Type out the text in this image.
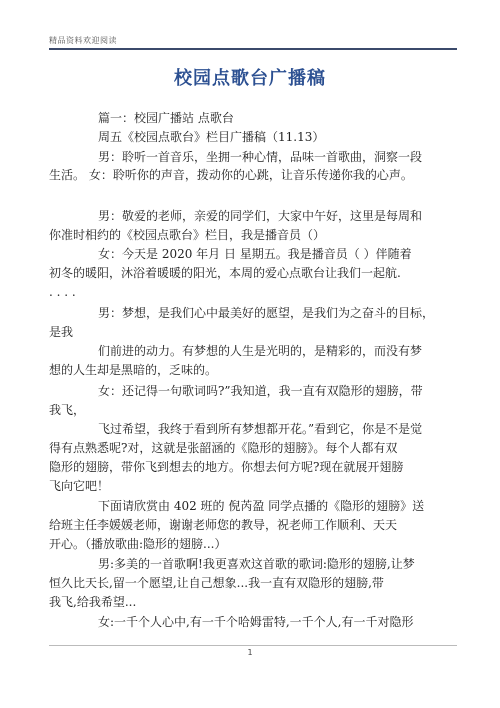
精品资料欢迎阅读
校园点歌台广播稿
篇一：校园广播站 点歌台
周五《校园点歌台》栏目广播稿（11.13）
男：聆听一首音乐，坐拥一种心情，品味一首歌曲，洞察一段
生活。 女：聆听你的声音，拨动你的心跳，让音乐传递你我的心声。
男：敬爱的老师，亲爱的同学们，大家中午好，这里是每周和
你准时相约的《校园点歌台》栏目，我是播音员（）
女：今天是 2020 年月 日 星期五。我是播音员（ ）伴随着
初冬的暖阳，沐浴着暖暖的阳光，本周的爱心点歌台让我们一起航.
. . . .
男：梦想，是我们心中最美好的愿望，是我们为之奋斗的目标，
是我
们前进的动力。有梦想的人生是光明的，是精彩的，而没有梦
想的人生却是黑暗的，乏味的。
女：还记得一句歌词吗?”我知道，我一直有双隐形的翅膀，带
我飞，
飞过希望，我终于看到所有梦想都开花。”看到它，你是不是觉
得有点熟悉呢?对，这就是张韶涵的《隐形的翅膀》。每个人都有双
隐形的翅膀，带你飞到想去的地方。你想去何方呢?现在就展开翅膀
飞向它吧！
下面请欣赏由 402 班的 倪芮盈 同学点播的《隐形的翅膀》送
给班主任李媛媛老师，谢谢老师您的教导，祝老师工作顺利、天天
开心。（播放歌曲:隐形的翅膀...）
男:多美的一首歌啊!我更喜欢这首歌的歌词:隐形的翅膀,让梦
恒久比天长,留一个愿望,让自己想象...我一直有双隐形的翅膀,带
我飞,给我希望...
女:一千个人心中,有一千个哈姆雷特,一千个人,有一千对隐形
1
